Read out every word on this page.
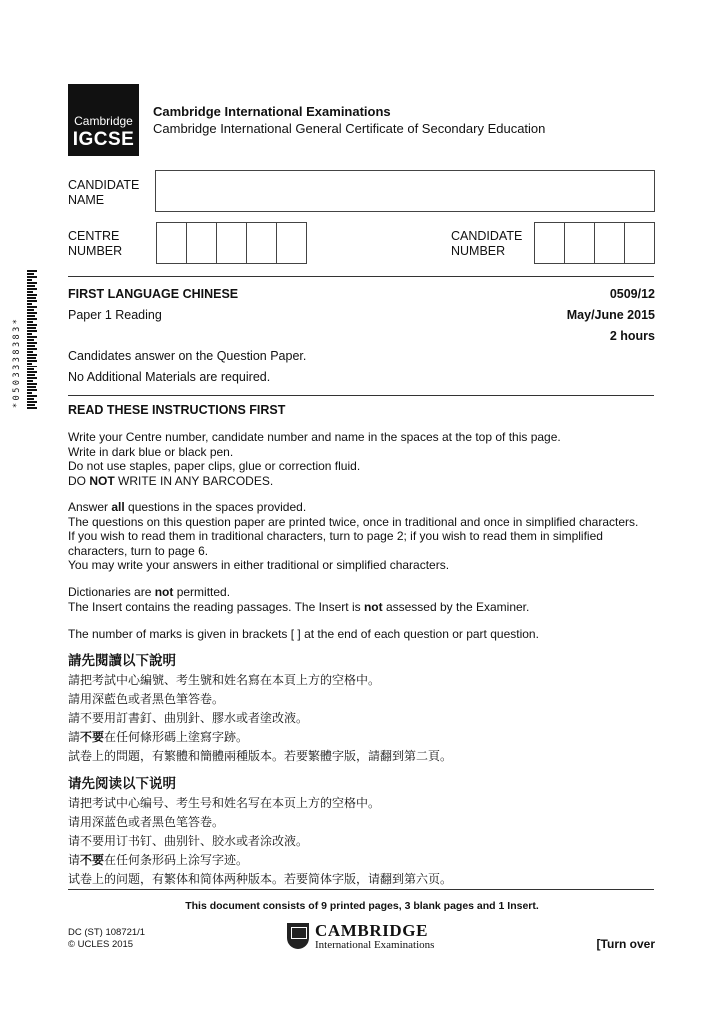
Cambridge
IGCSE
Cambridge International Examinations
Cambridge International General Certificate of Secondary Education
CANDIDATE
NAME
CENTRE
NUMBER
CANDIDATE
NUMBER
*0503338383*
FIRST LANGUAGE CHINESE	0509/12
Paper 1 Reading	May/June 2015
2 hours
Candidates answer on the Question Paper.
No Additional Materials are required.
READ THESE INSTRUCTIONS FIRST
Write your Centre number, candidate number and name in the spaces at the top of this page.
Write in dark blue or black pen.
Do not use staples, paper clips, glue or correction fluid.
DO NOT WRITE IN ANY BARCODES.
Answer all questions in the spaces provided.
The questions on this question paper are printed twice, once in traditional and once in simplified characters.
If you wish to read them in traditional characters, turn to page 2; if you wish to read them in simplified
characters, turn to page 6.
You may write your answers in either traditional or simplified characters.
Dictionaries are not permitted.
The Insert contains the reading passages. The Insert is not assessed by the Examiner.
The number of marks is given in brackets [ ] at the end of each question or part question.
請先閱讀以下說明
請把考試中心編號、考生號和姓名寫在本頁上方的空格中。
請用深藍色或者黑色筆答卷。
請不要用訂書釘、曲別針、膠水或者塗改液。
請不要在任何條形碼上塗寫字跡。
試卷上的問題，有繁體和簡體兩種版本。若要繁體字版，請翻到第二頁。
请先阅读以下说明
请把考试中心编号、考生号和姓名写在本页上方的空格中。
请用深蓝色或者黑色笔答卷。
请不要用订书钉、曲别针、胶水或者涂改液。
请不要在任何条形码上涂写字迹。
试卷上的问题，有繁体和简体两种版本。若要简体字版，请翻到第六页。
This document consists of 9 printed pages, 3 blank pages and 1 Insert.
DC (ST) 108721/1
© UCLES 2015
CAMBRIDGE
International Examinations	[Turn over
